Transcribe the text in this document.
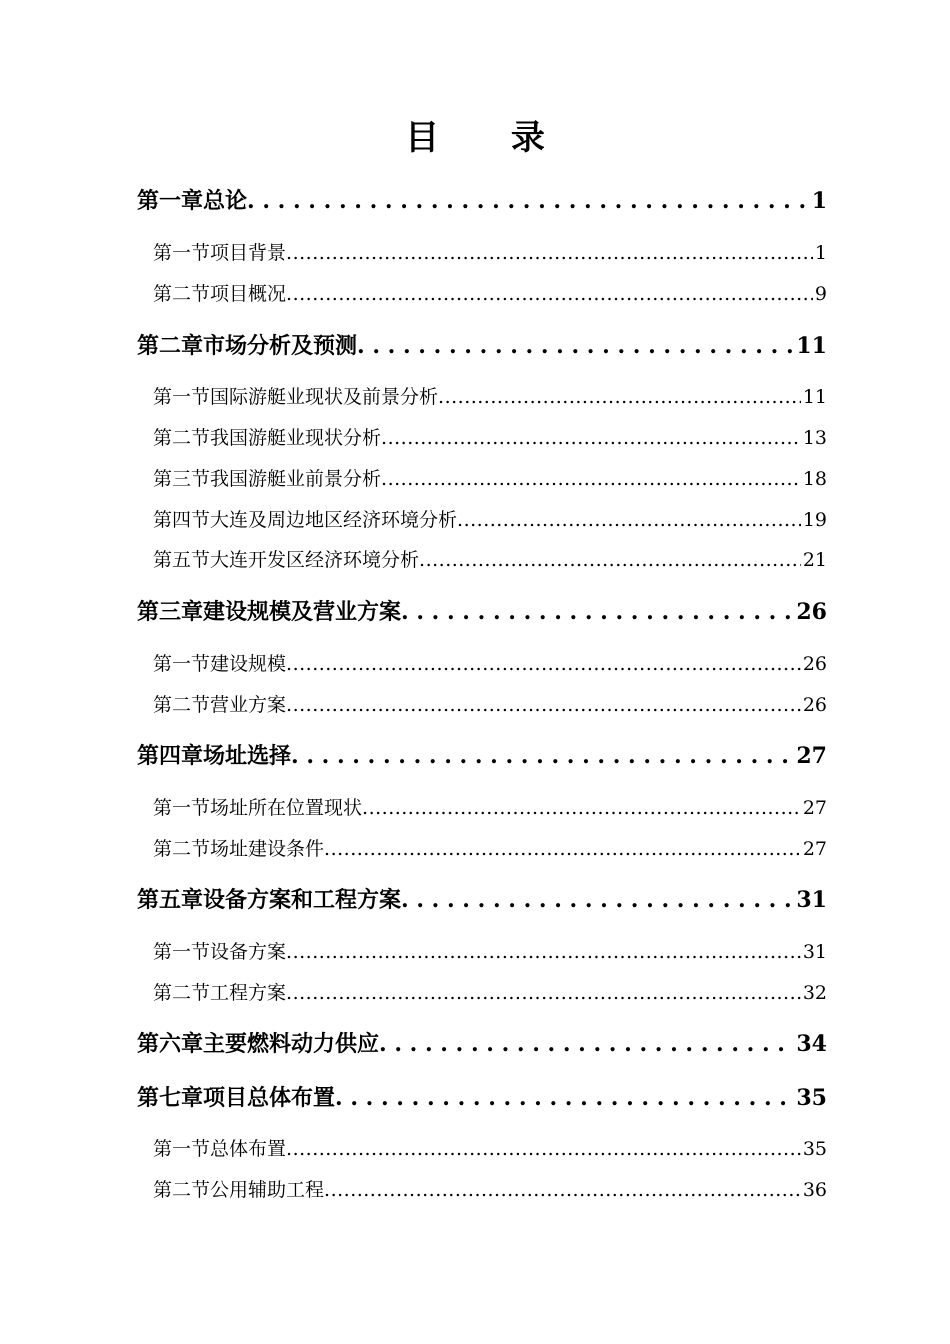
目 录
第一章 总论 . . .	1
第一节 项目背景 .....	1
第二节 项目概况 .....	9
第二章 市场分析及预测 . . .	11
第一节 国际游艇业现状及前景分析 .....	11
第二节 我国游艇业现状分析 .....	13
第三节 我国游艇业前景分析 .....	18
第四节 大连及周边地区经济环境分析 .....	19
第五节 大连开发区经济环境分析 .....	21
第三章 建设规模及营业方案 . . .	26
第一节 建设规模 .....	26
第二节 营业方案 .....	26
第四章 场址选择 . . .	27
第一节 场址所在位置现状 .....	27
第二节 场址建设条件 .....	27
第五章 设备方案和工程方案 . . .	31
第一节 设备方案 .....	31
第二节 工程方案 .....	32
第六章 主要燃料动力供应 . . .	34
第七章 项目总体布置 . . .	35
第一节 总体布置 .....	35
第二节 公用辅助工程 .....	36
